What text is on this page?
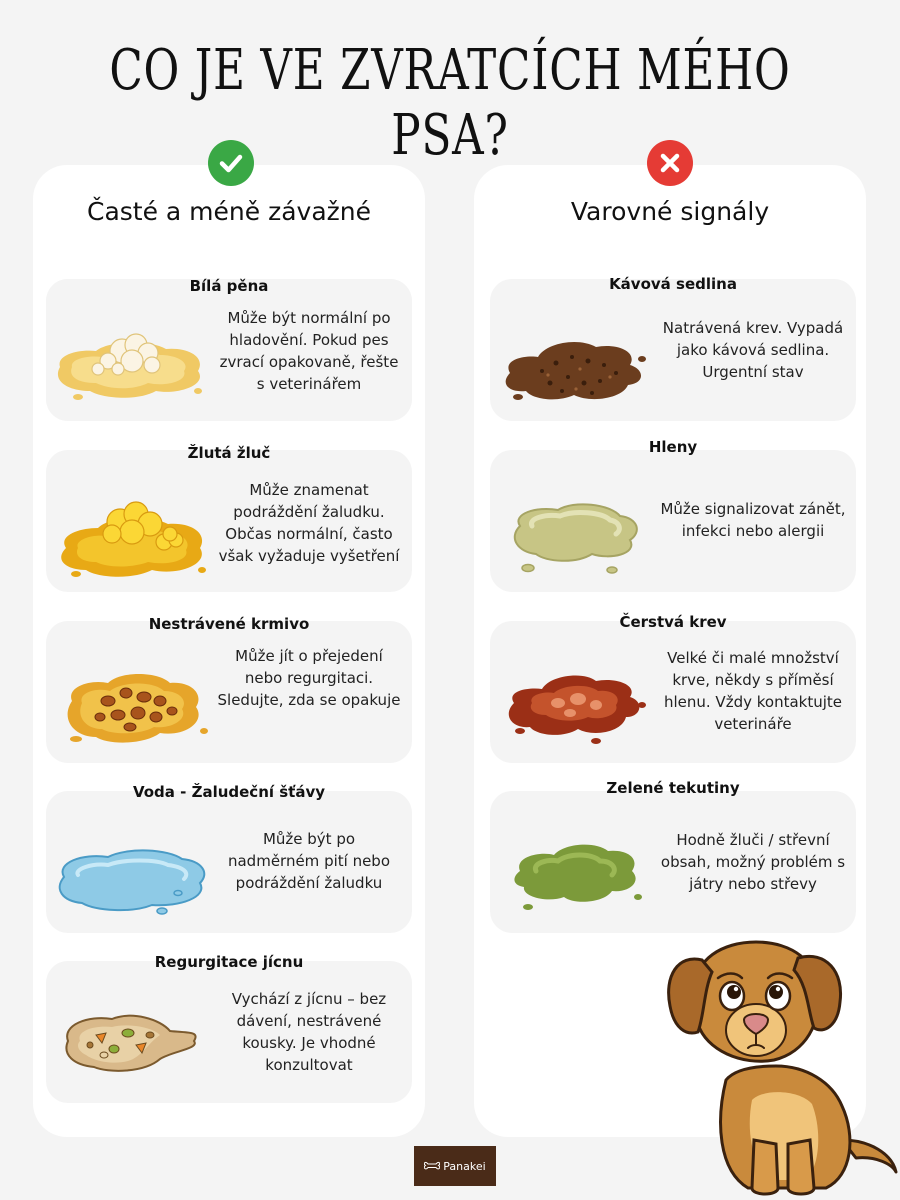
CO JE VE ZVRATCÍCH MÉHO PSA?
Časté a méně závažné
Bílá pěna
Může být normální po hladovění. Pokud pes zvrací opakovaně, řešte s veterinářem
Žlutá žluč
Může znamenat podráždění žaludku. Občas normální, často však vyžaduje vyšetření
Nestrávené krmivo
Může jít o přejedení nebo regurgitaci. Sledujte, zda se opakuje
Voda - Žaludeční šťávy
Může být po nadměrném pití nebo podráždění žaludku
Regurgitace jícnu
Vychází z jícnu – bez dávení, nestrávené kousky. Je vhodné konzultovat
Varovné signály
Kávová sedlina
Natrávená krev. Vypadá jako kávová sedlina. Urgentní stav
Hleny
Může signalizovat zánět, infekci nebo alergii
Čerstvá krev
Velké či malé množství krve, někdy s příměsí hlenu. Vždy kontaktujte veterináře
Zelené tekutiny
Hodně žluči / střevní obsah, možný problém s játry nebo střevy
Panakei
